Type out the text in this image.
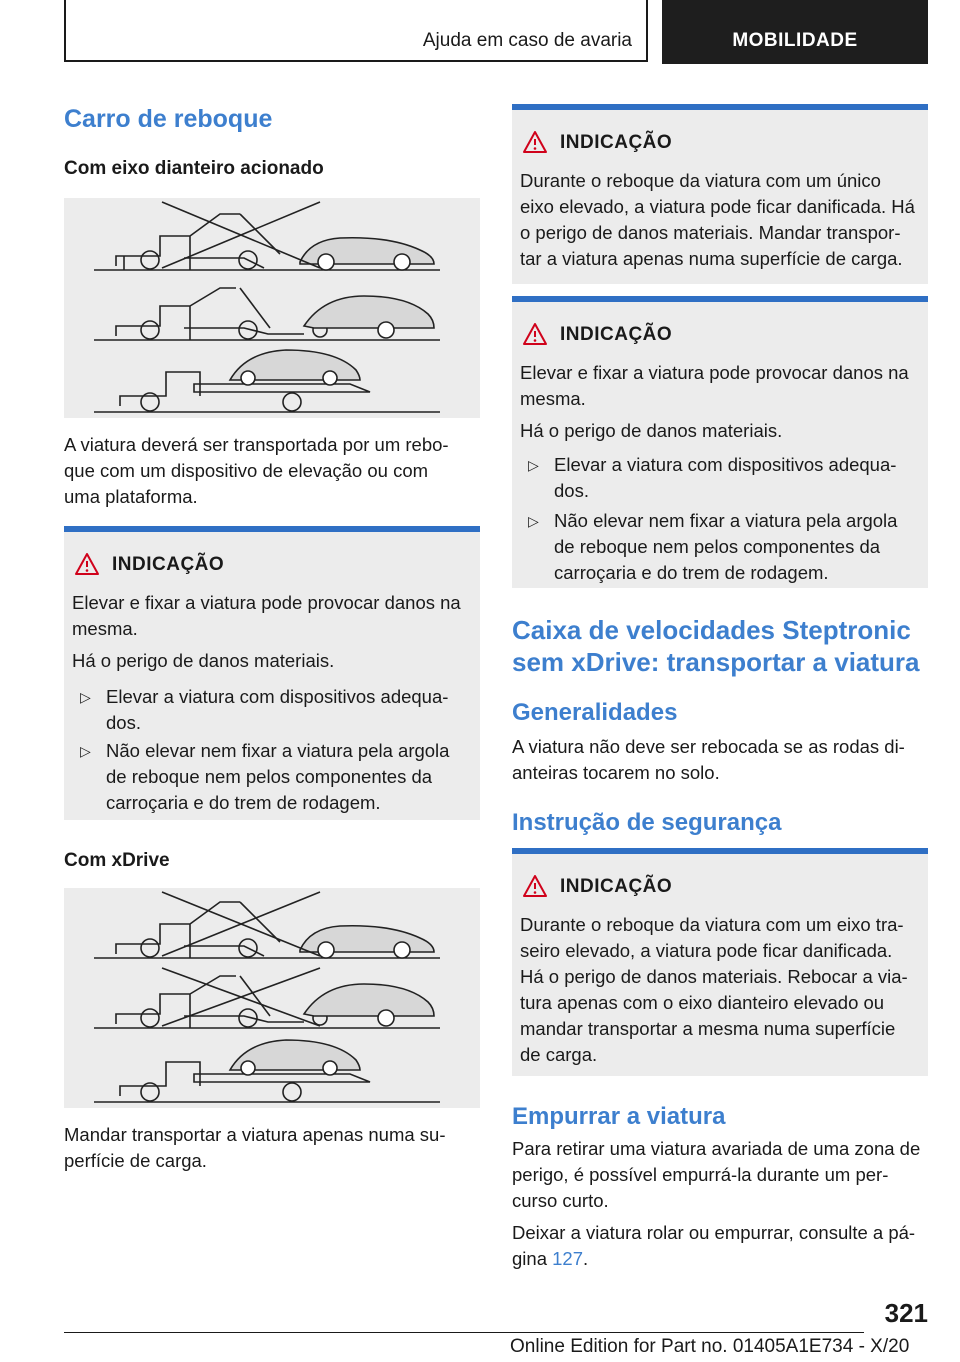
Ajuda em caso de avaria	MOBILIDADE
Carro de reboque
Com eixo dianteiro acionado

A viatura deverá ser transportada por um rebo-
que com um dispositivo de elevação ou com
uma plataforma.

INDICAÇÃO

Elevar e fixar a viatura pode provocar danos na
mesma.

Há o perigo de danos materiais.

▷ Elevar a viatura com dispositivos adequa-
dos.
▷ Não elevar nem fixar a viatura pela argola
de reboque nem pelos componentes da
carroçaria e do trem de rodagem.
Com xDrive

Mandar transportar a viatura apenas numa su-
perfície de carga.

INDICAÇÃO

Durante o reboque da viatura com um único
eixo elevado, a viatura pode ficar danificada. Há
o perigo de danos materiais. Mandar transpor-
tar a viatura apenas numa superfície de carga.

INDICAÇÃO

Elevar e fixar a viatura pode provocar danos na
mesma.

Há o perigo de danos materiais.

▷ Elevar a viatura com dispositivos adequa-
dos.
▷ Não elevar nem fixar a viatura pela argola
de reboque nem pelos componentes da
carroçaria e do trem de rodagem.
Caixa de velocidades Steptronic
sem xDrive: transportar a viatura
Generalidades

A viatura não deve ser rebocada se as rodas di-
anteiras tocarem no solo.

Instrução de segurança
INDICAÇÃO

Durante o reboque da viatura com um eixo tra-
seiro elevado, a viatura pode ficar danificada.
Há o perigo de danos materiais. Rebocar a via-
tura apenas com o eixo dianteiro elevado ou
mandar transportar a mesma numa superfície
de carga.

Empurrar a viatura

Para retirar uma viatura avariada de uma zona de
perigo, é possível empurrá-la durante um per-
curso curto.

Deixar a viatura rolar ou empurrar, consulte a pá-
gina 127.

321
Online Edition for Part no. 01405A1E734 - X/20
